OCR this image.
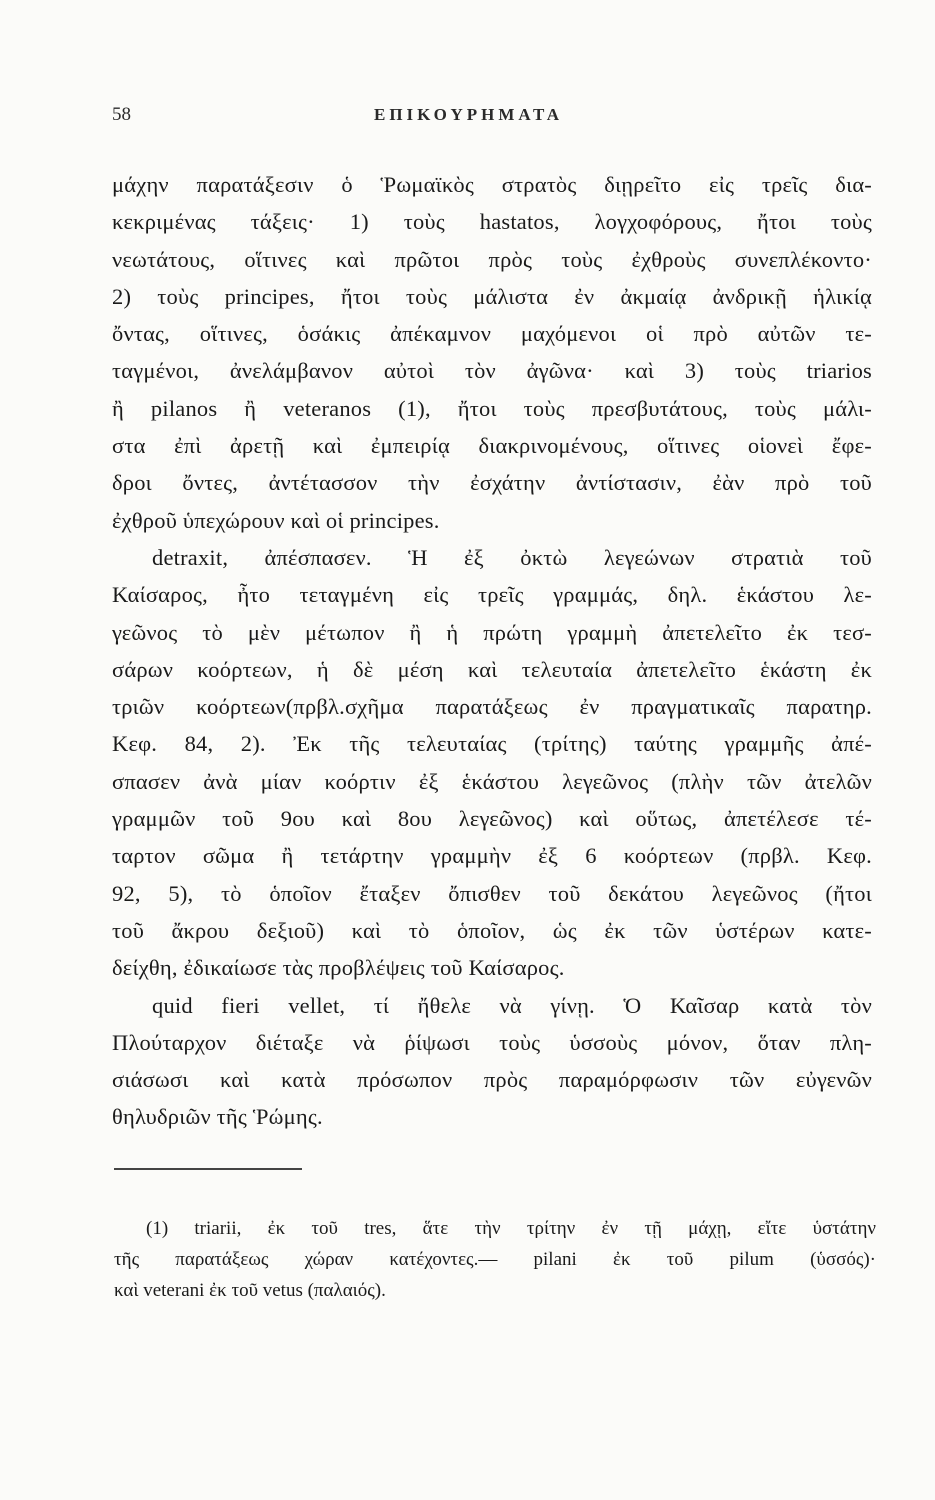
58	ΕΠΙΚΟΥΡΗΜΑΤΑ
μάχην παρατάξεσιν ὁ Ῥωμαϊκὸς στρατὸς διῃρεῖτο εἰς τρεῖς δια-
κεκριμένας τάξεις· 1) τοὺς hastatos, λογχοφόρους, ἤτοι τοὺς
νεωτάτους, οἵτινες καὶ πρῶτοι πρὸς τοὺς ἐχθροὺς συνεπλέκοντο·
2) τοὺς principes, ἤτοι τοὺς μάλιστα ἐν ἀκμαίᾳ ἀνδρικῇ ἡλικίᾳ
ὄντας, οἵτινες, ὁσάκις ἀπέκαμνον μαχόμενοι οἱ πρὸ αὐτῶν τε-
ταγμένοι, ἀνελάμβανον αὐτοὶ τὸν ἀγῶνα· καὶ 3) τοὺς triarios
ἢ pilanos ἢ veteranos (1), ἤτοι τοὺς πρεσβυτάτους, τοὺς μάλι-
στα ἐπὶ ἀρετῇ καὶ ἐμπειρίᾳ διακρινομένους, οἵτινες οἱονεὶ ἔφε-
δροι ὄντες, ἀντέτασσον τὴν ἐσχάτην ἀντίστασιν, ἐὰν πρὸ τοῦ
ἐχθροῦ ὑπεχώρουν καὶ οἱ principes.
detraxit, ἀπέσπασεν. Ἡ ἐξ ὀκτὼ λεγεώνων στρατιὰ τοῦ
Καίσαρος, ἦτο τεταγμένη εἰς τρεῖς γραμμάς, δηλ. ἑκάστου λε-
γεῶνος τὸ μὲν μέτωπον ἢ ἡ πρώτη γραμμὴ ἀπετελεῖτο ἐκ τεσ-
σάρων κοόρτεων, ἡ δὲ μέση καὶ τελευταία ἀπετελεῖτο ἑκάστη ἐκ
τριῶν κοόρτεων(πρβλ.σχῆμα παρατάξεως ἐν πραγματικαῖς παρατηρ.
Κεφ. 84, 2). Ἐκ τῆς τελευταίας (τρίτης) ταύτης γραμμῆς ἀπέ-
σπασεν ἀνὰ μίαν κοόρτιν ἐξ ἑκάστου λεγεῶνος (πλὴν τῶν ἀτελῶν
γραμμῶν τοῦ 9ου καὶ 8ου λεγεῶνος) καὶ οὕτως, ἀπετέλεσε τέ-
ταρτον σῶμα ἢ τετάρτην γραμμὴν ἐξ 6 κοόρτεων (πρβλ. Κεφ.
92, 5), τὸ ὁποῖον ἔταξεν ὄπισθεν τοῦ δεκάτου λεγεῶνος (ἤτοι
τοῦ ἄκρου δεξιοῦ) καὶ τὸ ὁποῖον, ὡς ἐκ τῶν ὑστέρων κατε-
δείχθη, ἐδικαίωσε τὰς προβλέψεις τοῦ Καίσαρος.
quid fieri vellet, τί ἤθελε νὰ γίνῃ. Ὁ Καῖσαρ κατὰ τὸν
Πλούταρχον διέταξε νὰ ῥίψωσι τοὺς ὑσσοὺς μόνον, ὅταν πλη-
σιάσωσι καὶ κατὰ πρόσωπον πρὸς παραμόρφωσιν τῶν εὐγενῶν
θηλυδριῶν τῆς Ῥώμης.
(1) triarii, ἐκ τοῦ tres, ἅτε τὴν τρίτην ἐν τῇ μάχῃ, εἴτε ὑστάτην
τῆς παρατάξεως χώραν κατέχοντες.— pilani ἐκ τοῦ pilum (ὑσσός)·
καὶ veterani ἐκ τοῦ vetus (παλαιός).
